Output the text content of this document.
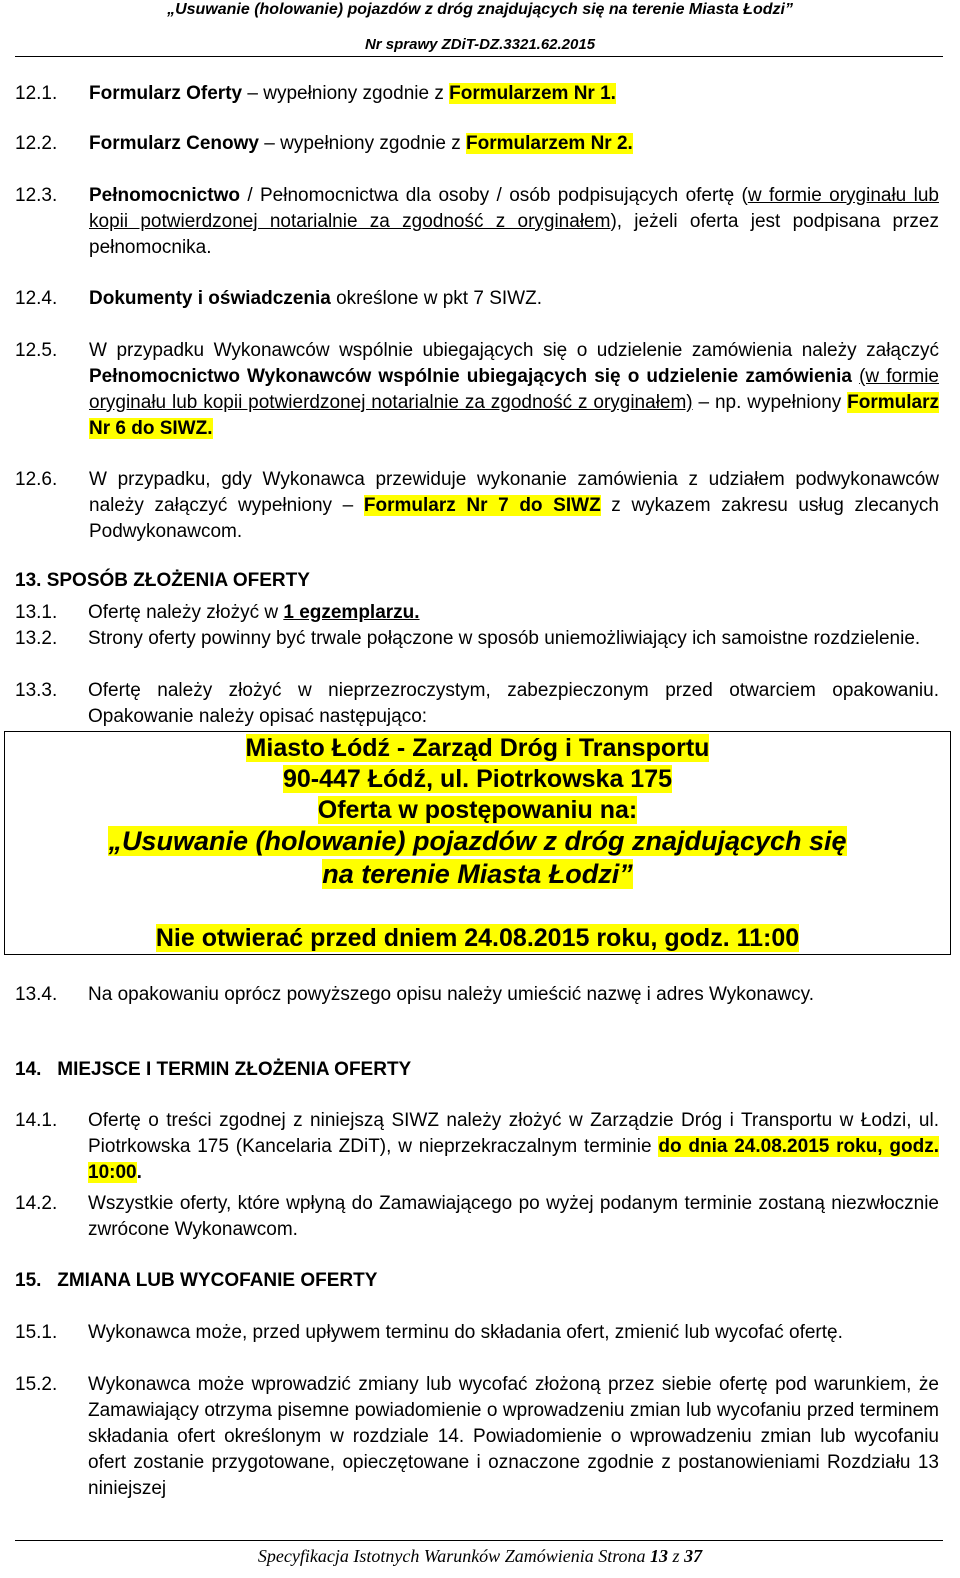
„Usuwanie (holowanie) pojazdów z dróg znajdujących się na terenie Miasta Łodzi”
Nr sprawy ZDiT-DZ.3321.62.2015
12.1. Formularz Oferty – wypełniony zgodnie z Formularzem Nr 1.
12.2. Formularz Cenowy – wypełniony zgodnie z Formularzem Nr 2.
12.3. Pełnomocnictwo / Pełnomocnictwa dla osoby / osób podpisujących ofertę (w formie oryginału lub kopii potwierdzonej notarialnie za zgodność z oryginałem), jeżeli oferta jest podpisana przez pełnomocnika.
12.4. Dokumenty i oświadczenia określone w pkt 7 SIWZ.
12.5. W przypadku Wykonawców wspólnie ubiegających się o udzielenie zamówienia należy załączyć Pełnomocnictwo Wykonawców wspólnie ubiegających się o udzielenie zamówienia (w formie oryginału lub kopii potwierdzonej notarialnie za zgodność z oryginałem) – np. wypełniony Formularz Nr 6 do SIWZ.
12.6. W przypadku, gdy Wykonawca przewiduje wykonanie zamówienia z udziałem podwykonawców należy załączyć wypełniony – Formularz Nr 7 do SIWZ z wykazem zakresu usług zlecanych Podwykonawcom.
13. SPOSÓB ZŁOŻENIA OFERTY
13.1. Ofertę należy złożyć w 1 egzemplarzu.
13.2. Strony oferty powinny być trwale połączone w sposób uniemożliwiający ich samoistne rozdzielenie.
13.3. Ofertę należy złożyć w nieprzezroczystym, zabezpieczonym przed otwarciem opakowaniu. Opakowanie należy opisać następująco:
Miasto Łódź - Zarząd Dróg i Transportu
90-447 Łódź, ul. Piotrkowska 175
Oferta w postępowaniu na:
„Usuwanie (holowanie) pojazdów z dróg znajdujących się
na terenie Miasta Łodzi”
Nie otwierać przed dniem 24.08.2015 roku, godz. 11:00
13.4. Na opakowaniu oprócz powyższego opisu należy umieścić nazwę i adres Wykonawcy.
14.   MIEJSCE I TERMIN ZŁOŻENIA OFERTY
14.1. Ofertę o treści zgodnej z niniejszą SIWZ należy złożyć w Zarządzie Dróg i Transportu w Łodzi, ul. Piotrkowska 175 (Kancelaria ZDiT), w nieprzekraczalnym terminie do dnia 24.08.2015 roku, godz. 10:00.
14.2. Wszystkie oferty, które wpłyną do Zamawiającego po wyżej podanym terminie zostaną niezwłocznie zwrócone Wykonawcom.
15.   ZMIANA LUB WYCOFANIE OFERTY
15.1. Wykonawca może, przed upływem terminu do składania ofert, zmienić lub wycofać ofertę.
15.2. Wykonawca może wprowadzić zmiany lub wycofać złożoną przez siebie ofertę pod warunkiem, że Zamawiający otrzyma pisemne powiadomienie o wprowadzeniu zmian lub wycofaniu przed terminem składania ofert określonym w rozdziale 14. Powiadomienie o wprowadzeniu zmian lub wycofaniu ofert zostanie przygotowane, opieczętowane i oznaczone zgodnie z postanowieniami Rozdziału 13 niniejszej
Specyfikacja Istotnych Warunków Zamówienia Strona 13 z 37
